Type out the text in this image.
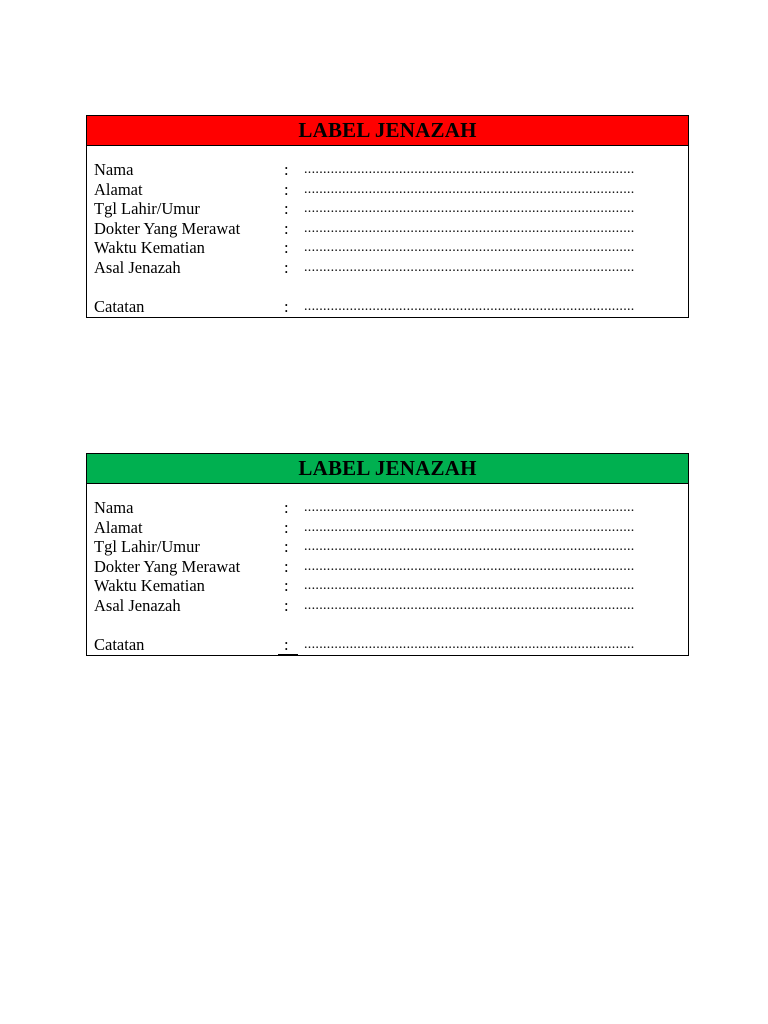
LABEL JENAZAH
Nama	: .......................................................................................
Alamat	: .......................................................................................
Tgl Lahir/Umur	: .......................................................................................
Dokter Yang Merawat	: .......................................................................................
Waktu Kematian	: .......................................................................................
Asal Jenazah	: .......................................................................................
Catatan	: .......................................................................................
LABEL JENAZAH
Nama	: .......................................................................................
Alamat	: .......................................................................................
Tgl Lahir/Umur	: .......................................................................................
Dokter Yang Merawat	: .......................................................................................
Waktu Kematian	: .......................................................................................
Asal Jenazah	: .......................................................................................
Catatan	: .......................................................................................
